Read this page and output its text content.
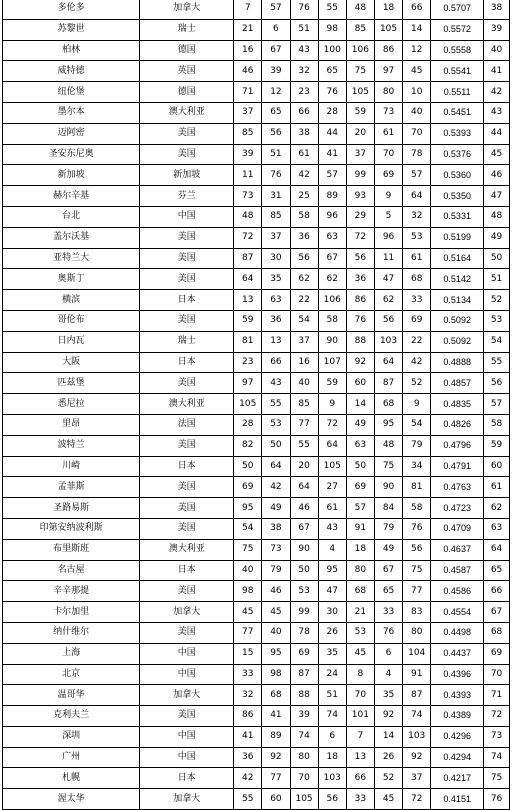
多伦多	加拿大	7	57	76	55	48	18	66	0.5707	38
苏黎世	瑞士	21	6	51	98	85	105	14	0.5572	39
柏林	德国	16	67	43	100	106	86	12	0.5558	40
威特徳	英国	46	39	32	65	75	97	45	0.5541	41
纽伦堡	德国	71	12	23	76	105	80	10	0.5511	42
墨尔本	澳大利亚	37	65	66	28	59	73	40	0.5451	43
迈阿密	美国	85	56	38	44	20	61	70	0.5393	44
圣安东尼奥	美国	39	51	61	41	37	70	78	0.5376	45
新加坡	新加坡	11	76	42	57	99	69	57	0.5360	46
赫尔辛基	芬兰	73	31	25	89	93	9	64	0.5350	47
台北	中国	48	85	58	96	29	5	32	0.5331	48
盖尔沃基	美国	72	37	36	63	72	96	53	0.5199	49
亚特兰大	美国	87	30	56	67	56	11	61	0.5164	50
奥斯丁	美国	64	35	62	62	36	47	68	0.5142	51
横滨	日本	13	63	22	106	86	62	33	0.5134	52
哥伦布	美国	59	36	54	58	76	56	69	0.5092	53
日内瓦	瑞士	81	13	37	90	88	103	22	0.5092	54
大阪	日本	23	66	16	107	92	64	42	0.4888	55
匹兹堡	美国	97	43	40	59	60	87	52	0.4857	56
悉尼拉	澳大利亚	105	55	85	9	14	68	9	0.4835	57
里昂	法国	28	53	77	72	49	95	54	0.4826	58
波特兰	美国	82	50	55	64	63	48	79	0.4796	59
川崎	日本	50	64	20	105	50	75	34	0.4791	60
孟菲斯	美国	69	42	64	27	69	90	81	0.4763	61
圣路易斯	美国	95	49	46	61	57	84	58	0.4723	62
印第安纳波利斯	美国	54	38	67	43	91	79	76	0.4709	63
布里斯班	澳大利亚	75	73	90	4	18	49	56	0.4637	64
名古屋	日本	40	79	50	95	80	67	75	0.4587	65
辛辛那提	美国	98	46	53	47	68	65	77	0.4586	66
卡尔加里	加拿大	45	45	99	30	21	33	83	0.4554	67
纳什维尔	美国	77	40	78	26	53	76	80	0.4498	68
上海	中国	15	95	69	35	45	6	104	0.4437	69
北京	中国	33	98	87	24	8	4	91	0.4396	70
温哥华	加拿大	32	68	88	51	70	35	87	0.4393	71
克利夫兰	美国	86	41	39	74	101	92	74	0.4389	72
深圳	中国	41	89	74	6	7	14	103	0.4296	73
广州	中国	36	92	80	18	13	26	92	0.4294	74
札幌	日本	42	77	70	103	66	52	37	0.4217	75
渥太华	加拿大	55	60	105	56	33	45	72	0.4151	76
